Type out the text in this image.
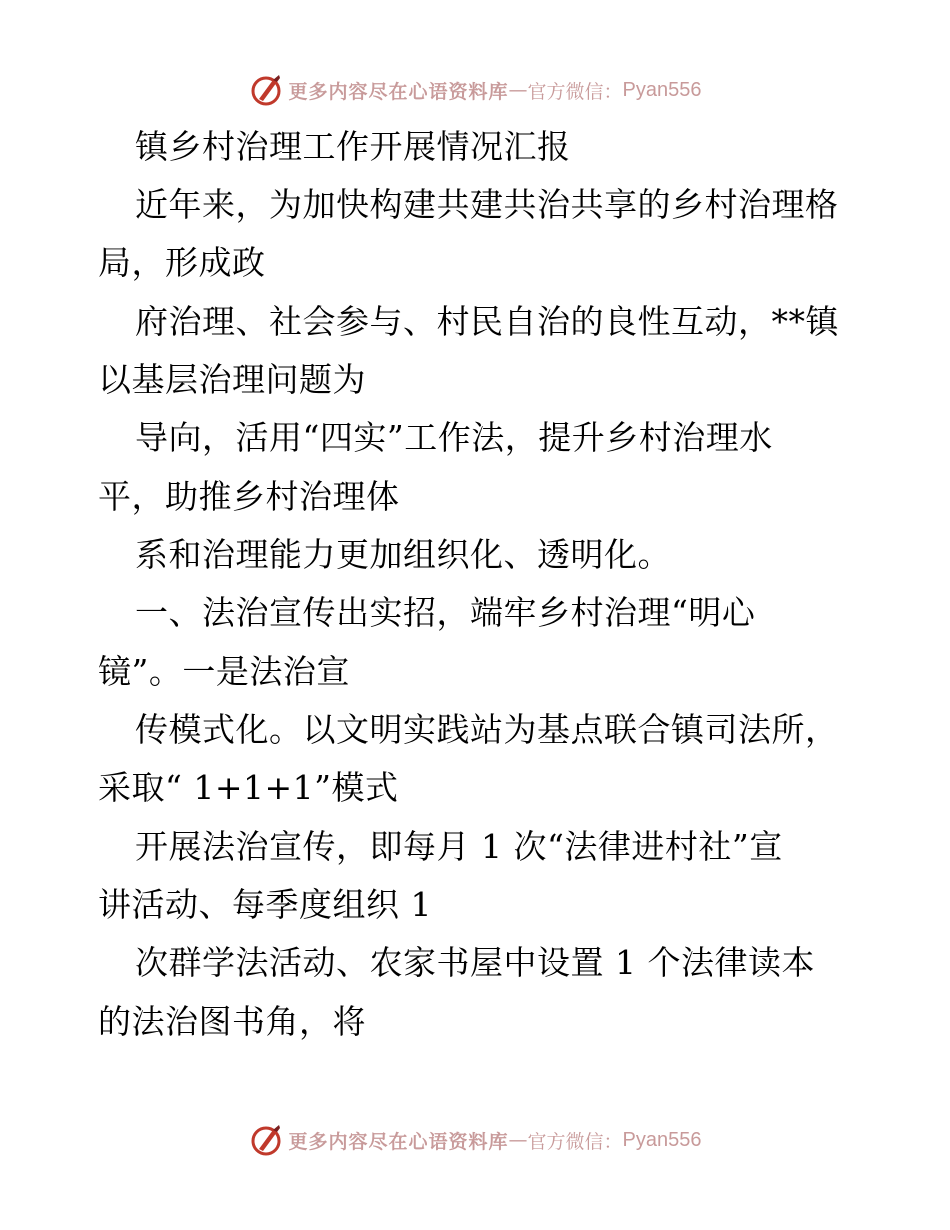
更多内容尽在心语资料库 — 官方微信： Pyan556
镇乡村治理工作开展情况汇报
近年来，为加快构建共建共治共享的乡村治理格
局，形成政
府治理、社会参与、村民自治的良性互动，**镇
以基层治理问题为
导向，活用“四实”工作法，提升乡村治理水
平，助推乡村治理体
系和治理能力更加组织化、透明化。
一、法治宣传出实招，端牢乡村治理“明心
镜”。一是法治宣
传模式化。以文明实践站为基点联合镇司法所，
采取“ 1+1+1”模式
开展法治宣传，即每月 1 次“法律进村社”宣
讲活动、每季度组织 1
次群学法活动、农家书屋中设置 1 个法律读本
的法治图书角，将
更多内容尽在心语资料库 — 官方微信： Pyan556
